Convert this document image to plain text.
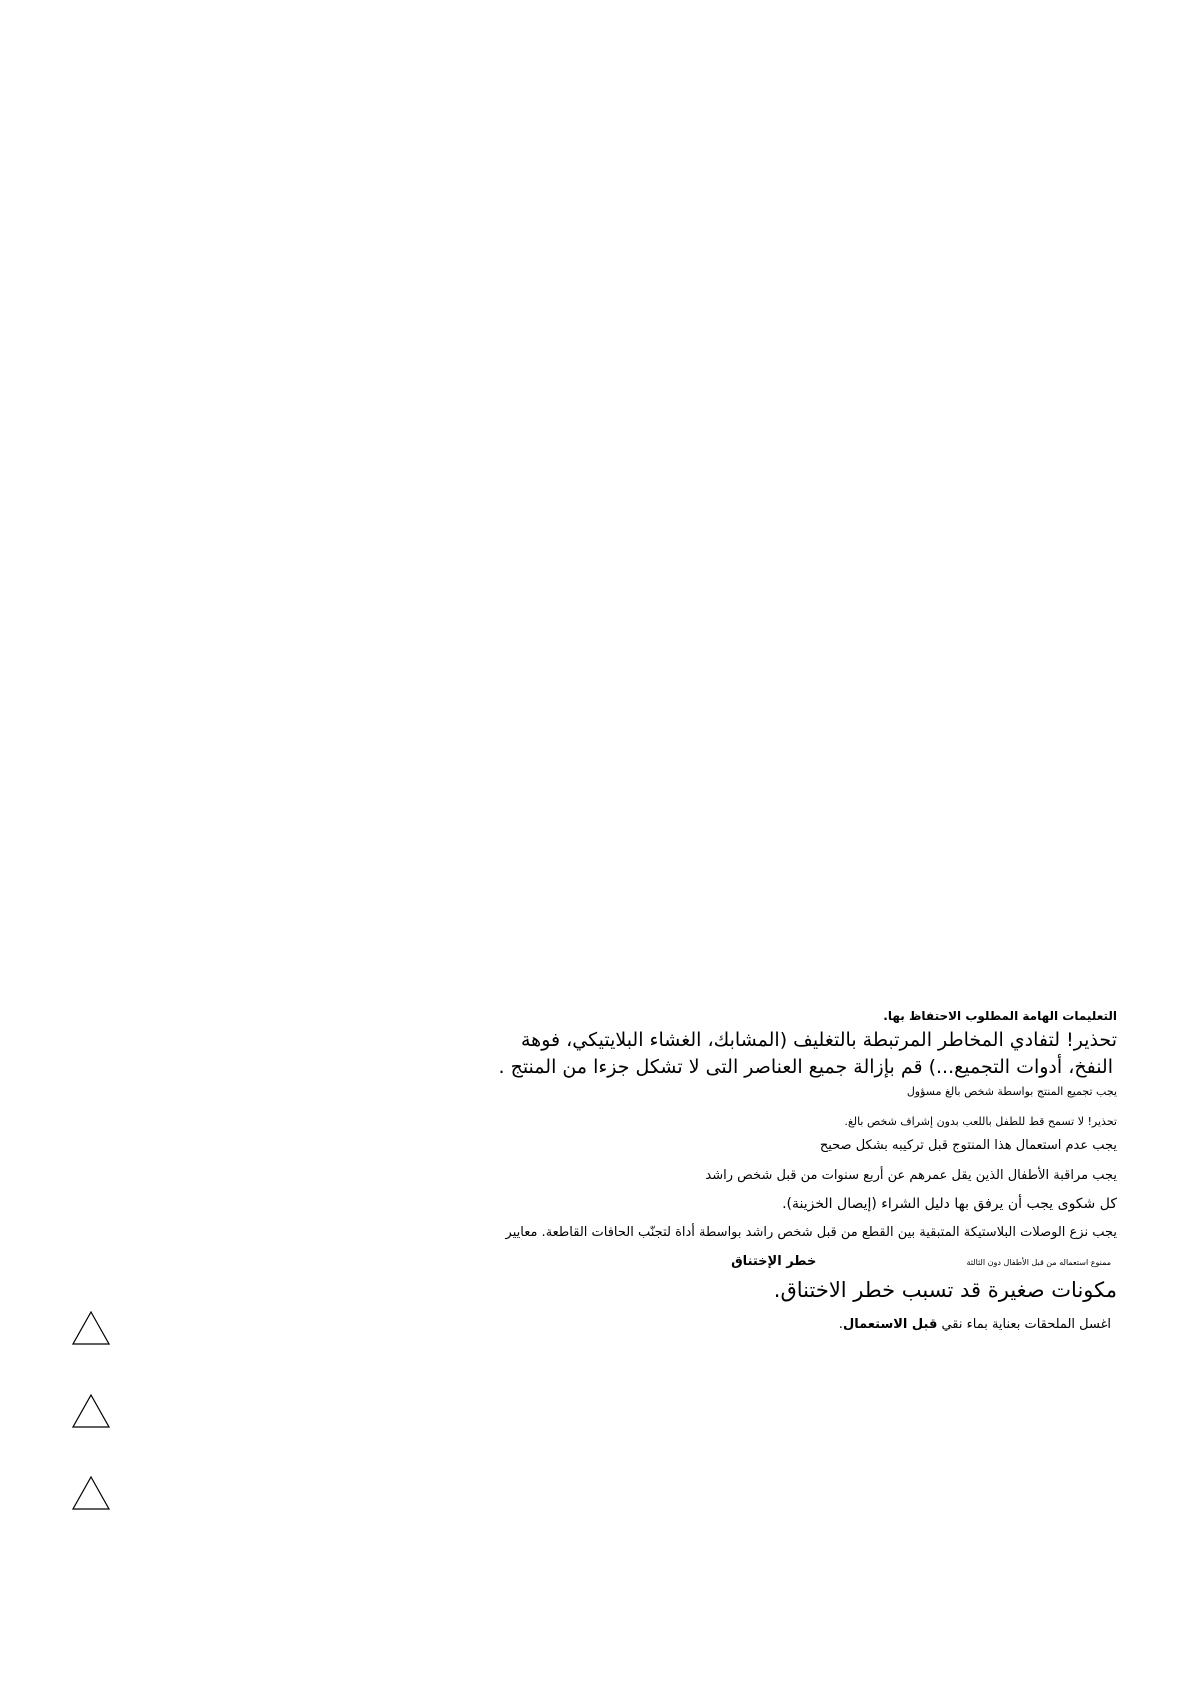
التعليمات الهامة المطلوب الاحتفاظ بها.
تحذير! لتفادي المخاطر المرتبطة بالتغليف (المشابك، الغشاء البلايتيكي، فوهة
النفخ، أدوات التجميع...) قم بإزالة جميع العناصر التى لا تشكل جزءا من المنتج .
يجب تجميع المنتج بواسطة شخص بالغ مسؤول
تحذير! لا تسمح قط للطفل باللعب بدون إشراف شخص بالغ.
يجب عدم استعمال هذا المنتوج قبل تركيبه بشكل صحيح
يجب مراقبة الأطفال الذين يقل عمرهم عن أربع سنوات من قبل شخص راشد
كل شكوى يجب أن يرفق بها دليل الشراء (إيصال الخزينة).
يجب نزع الوصلات البلاستيكة المتبقية بين القطع من قبل شخص راشد بواسطة أداة لتجنّب الحافات القاطعة. معايير
ممنوع استعماله من قبل الأطفال دون الثالثة خطر الإختناق
مكونات صغيرة قد تسبب خطر الاختناق.
اغسل الملحقات بعناية بماء نقي قبل الاستعمال.
